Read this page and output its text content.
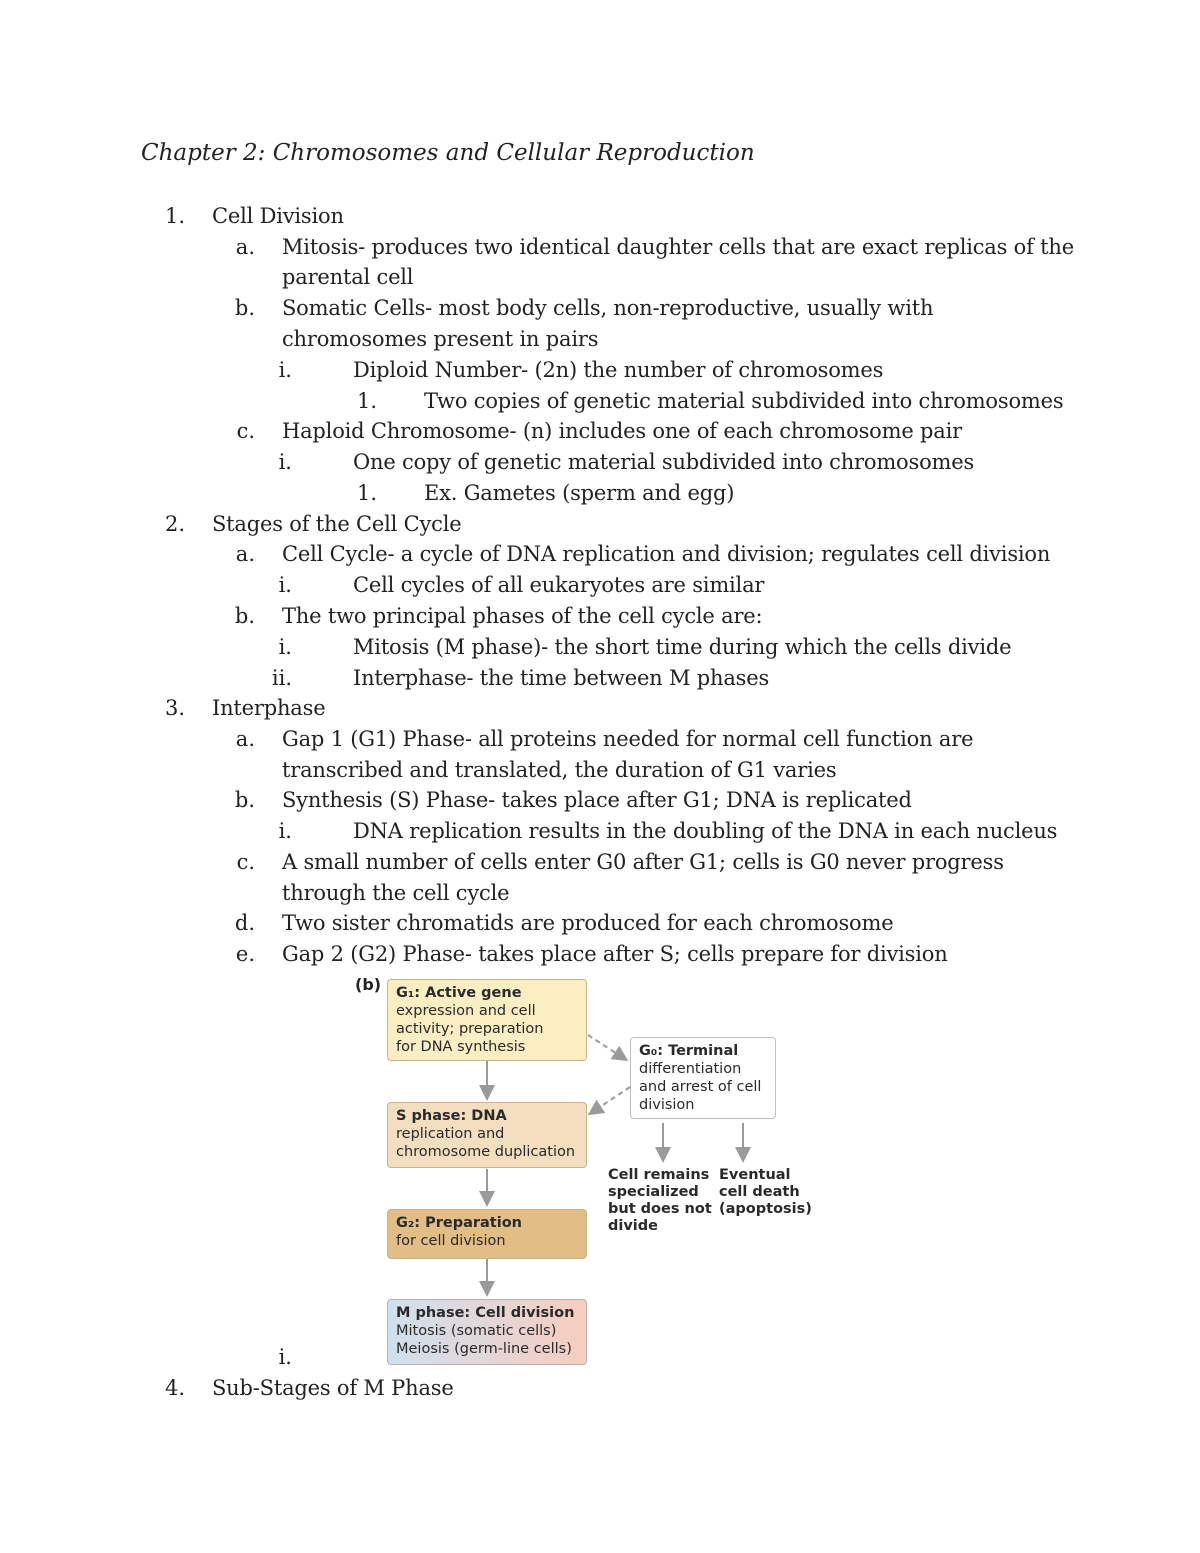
Chapter 2: Chromosomes and Cellular Reproduction
1. Cell Division
a. Mitosis- produces two identical daughter cells that are exact replicas of the
parental cell
b. Somatic Cells- most body cells, non-reproductive, usually with
chromosomes present in pairs
i.	Diploid Number- (2n) the number of chromosomes
1. Two copies of genetic material subdivided into chromosomes
c. Haploid Chromosome- (n) includes one of each chromosome pair
i.	One copy of genetic material subdivided into chromosomes
1. Ex. Gametes (sperm and egg)
2. Stages of the Cell Cycle
a. Cell Cycle- a cycle of DNA replication and division; regulates cell division
i.	Cell cycles of all eukaryotes are similar
b. The two principal phases of the cell cycle are:
i.	Mitosis (M phase)- the short time during which the cells divide
ii.	Interphase- the time between M phases
3. Interphase
a. Gap 1 (G1) Phase- all proteins needed for normal cell function are
transcribed and translated, the duration of G1 varies
b. Synthesis (S) Phase- takes place after G1; DNA is replicated
i.	DNA replication results in the doubling of the DNA in each nucleus
c. A small number of cells enter G0 after G1; cells is G0 never progress
through the cell cycle
d. Two sister chromatids are produced for each chromosome
e. Gap 2 (G2) Phase- takes place after S; cells prepare for division
i.
4. Sub-Stages of M Phase
(b) G₁: Active gene
expression and cell
activity; preparation
for DNA synthesis
S phase: DNA
replication and
chromosome duplication
G₂: Preparation
for cell division
M phase: Cell division
Mitosis (somatic cells)
Meiosis (germ-line cells)
G₀: Terminal
differentiation
and arrest of cell
division
Cell remains
specialized
but does not
divide
Eventual
cell death
(apoptosis)
